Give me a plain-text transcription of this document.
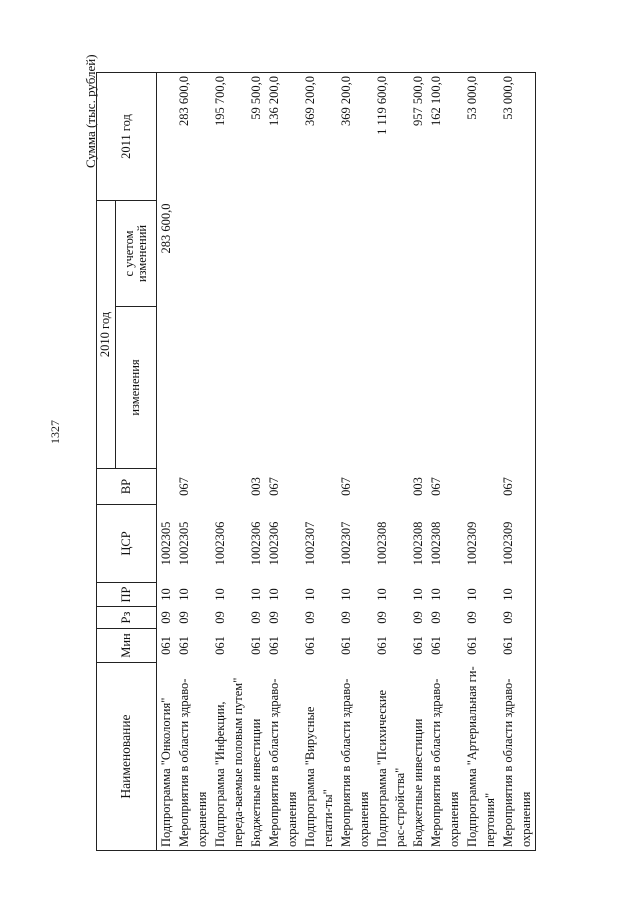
1327
Сумма (тыс. рублей)
Наименование	Мин	Рз	ПР	ЦСР	ВР	2010 год		2011 год
						изменения	с учетом изменений	
Подпрограмма "Онкология"	061	09	10	1002305			283 600,0	
Мероприятия в области здраво-охранения	061	09	10	1002305	067			283 600,0
Подпрограмма "Инфекции, переда-ваемые половым путем"	061	09	10	1002306				195 700,0
Бюджетные инвестиции	061	09	10	1002306	003			59 500,0
Мероприятия в области здраво-охранения	061	09	10	1002306	067			136 200,0
Подпрограмма "Вирусные гепати-ты"	061	09	10	1002307				369 200,0
Мероприятия в области здраво-охранения	061	09	10	1002307	067			369 200,0
Подпрограмма "Психические рас-стройства"	061	09	10	1002308				1 119 600,0
Бюджетные инвестиции	061	09	10	1002308	003			957 500,0
Мероприятия в области здраво-охранения	061	09	10	1002308	067			162 100,0
Подпрограмма "Артериальная ги-пертония"	061	09	10	1002309				53 000,0
Мероприятия в области здраво-охранения	061	09	10	1002309	067			53 000,0
